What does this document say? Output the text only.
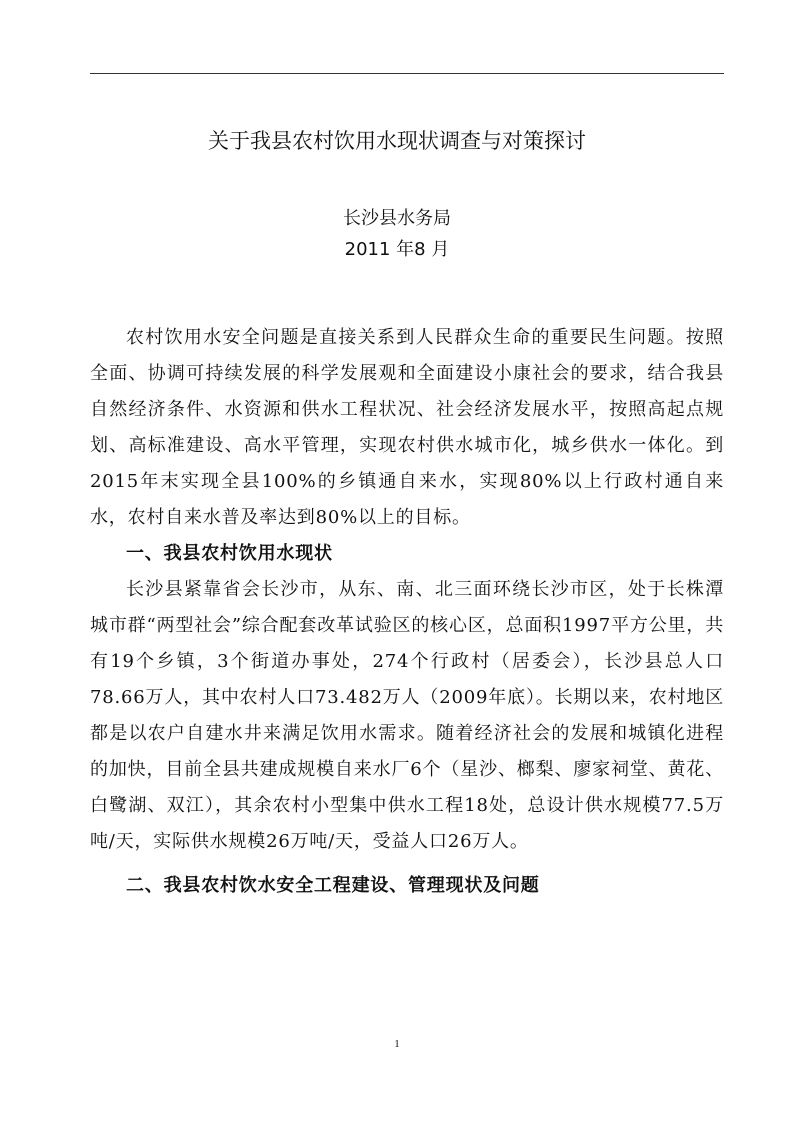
关于我县农村饮用水现状调查与对策探讨
长沙县水务局
2011 年8 月

农村饮用水安全问题是直接关系到人民群众生命的重要民生问题。按照全面、协调可持续发展的科学发展观和全面建设小康社会的要求，结合我县自然经济条件、水资源和供水工程状况、社会经济发展水平，按照高起点规划、高标准建设、高水平管理，实现农村供水城市化，城乡供水一体化。到2015年末实现全县100%的乡镇通自来水，实现80%以上行政村通自来水，农村自来水普及率达到80%以上的目标。

一、我县农村饮用水现状

长沙县紧靠省会长沙市，从东、南、北三面环绕长沙市区，处于长株潭城市群“两型社会”综合配套改革试验区的核心区，总面积1997平方公里，共有19个乡镇，3个街道办事处，274个行政村（居委会），长沙县总人口78.66万人，其中农村人口73.482万人（2009年底）。长期以来，农村地区都是以农户自建水井来满足饮用水需求。随着经济社会的发展和城镇化进程的加快，目前全县共建成规模自来水厂6个（星沙、榔梨、廖家祠堂、黄花、白鹭湖、双江），其余农村小型集中供水工程18处，总设计供水规模77.5万吨/天，实际供水规模26万吨/天，受益人口26万人。

二、我县农村饮水安全工程建设、管理现状及问题

1
